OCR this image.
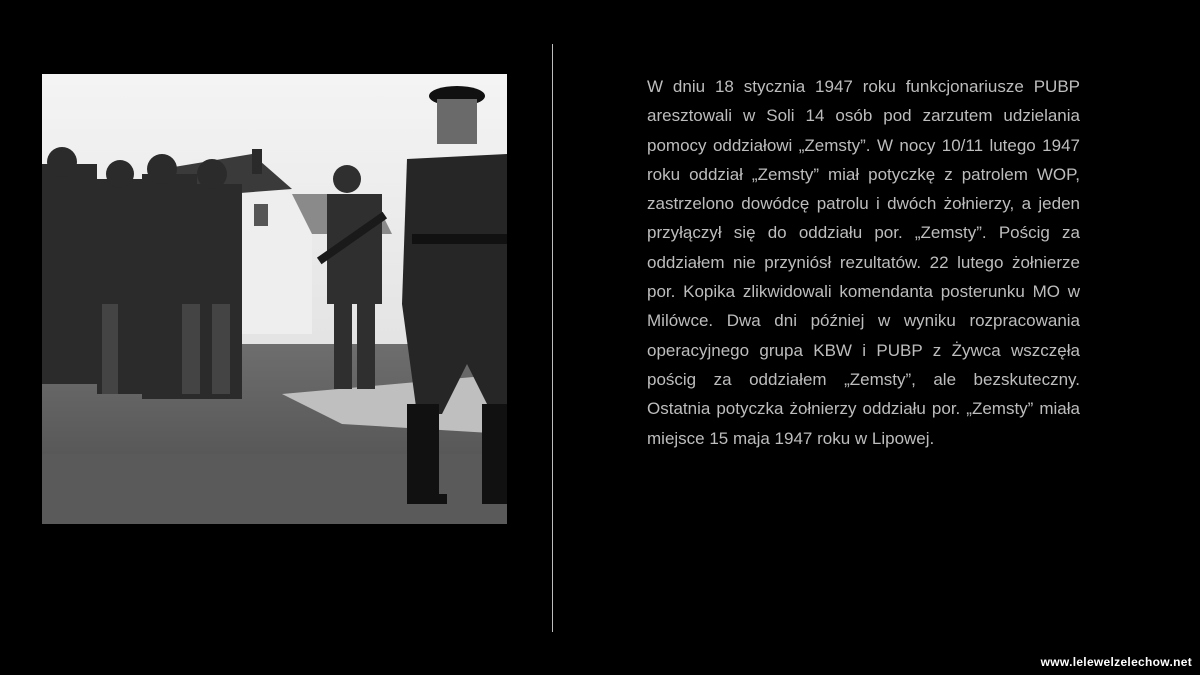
W dniu 18 stycznia 1947 roku funkcjonariusze PUBP aresztowali w Soli 14 osób pod zarzutem udzielania pomocy oddziałowi „Zemsty”. W nocy 10/11 lutego 1947 roku oddział „Zemsty” miał potyczkę z patrolem WOP, zastrzelono dowódcę patrolu i dwóch żołnierzy, a jeden przyłączył się do oddziału por. „Zemsty”. Pościg za oddziałem nie przyniósł rezultatów. 22 lutego żołnierze por. Kopika zlikwidowali komendanta posterunku MO w Milówce. Dwa dni później w wyniku rozpracowania operacyjnego grupa KBW i PUBP z Żywca wszczęła pościg za oddziałem „Zemsty”, ale bezskuteczny. Ostatnia potyczka żołnierzy oddziału por. „Zemsty” miała miejsce 15 maja 1947 roku w Lipowej.
www.lelewelzelechow.net
